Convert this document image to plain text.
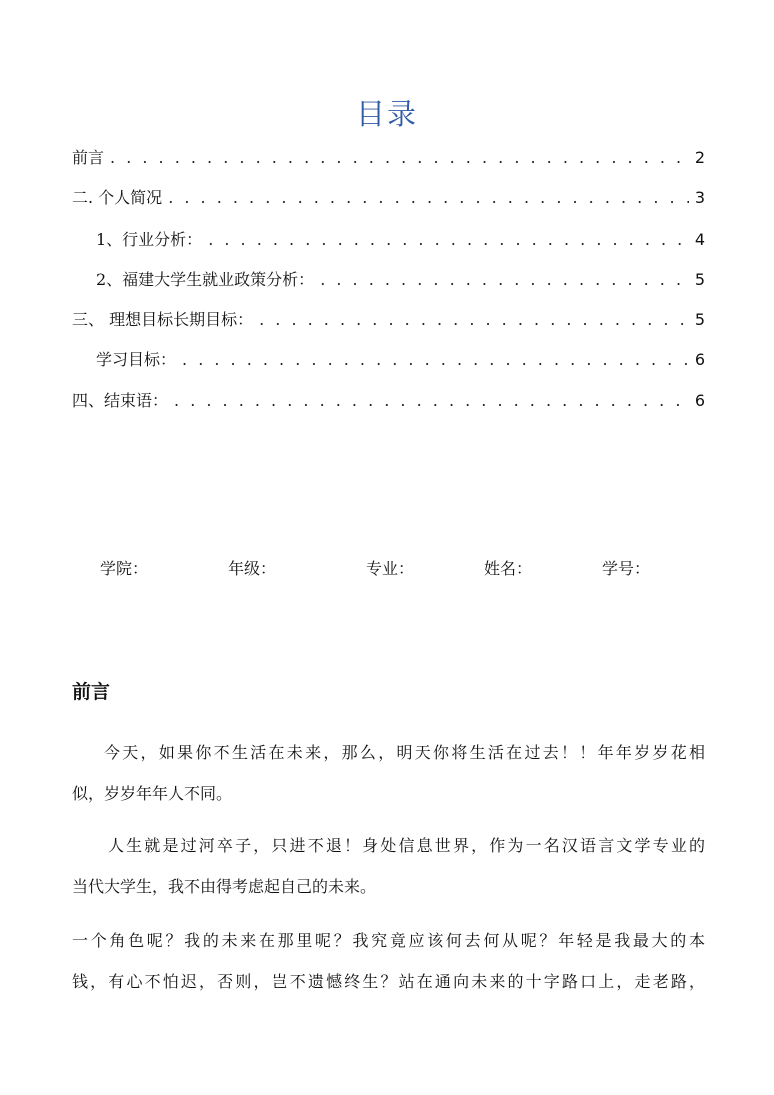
目录
前言 . . .	2
二. 个人简况 . . .	3
1、行业分析： . . .	4
2、福建大学生就业政策分析： . . .	5
三、 理想目标长期目标： . . .	5
学习目标： . . .	6
四、结束语： . . .	6
学院：	年级：	专业：	姓名：	学号：
前言
今天，如果你不生活在未来，那么，明天你将生活在过去！！年年岁岁花相
似，岁岁年年人不同。
人生就是过河卒子，只进不退！身处信息世界，作为一名汉语言文学专业的
当代大学生，我不由得考虑起自己的未来。
一个角色呢？我的未来在那里呢？我究竟应该何去何从呢？年轻是我最大的本
钱，有心不怕迟，否则，岂不遗憾终生？站在通向未来的十字路口上，走老路，
